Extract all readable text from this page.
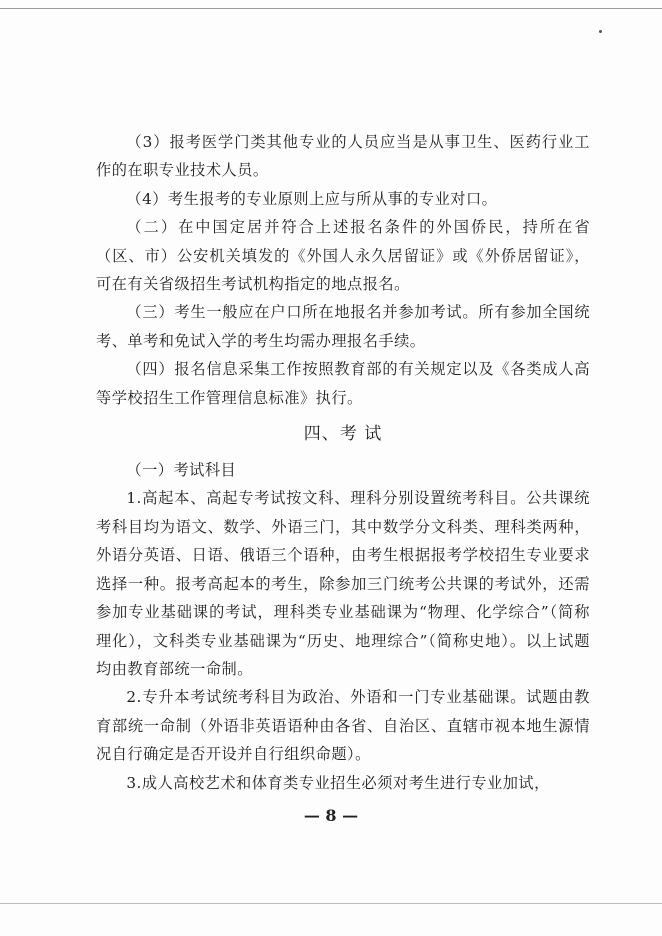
（3）报考医学门类其他专业的人员应当是从事卫生、医药行业工作的在职专业技术人员。

（4）考生报考的专业原则上应与所从事的专业对口。

（二）在中国定居并符合上述报名条件的外国侨民，持所在省（区、市）公安机关填发的《外国人永久居留证》或《外侨居留证》，可在有关省级招生考试机构指定的地点报名。

（三）考生一般应在户口所在地报名并参加考试。所有参加全国统考、单考和免试入学的考生均需办理报名手续。

（四）报名信息采集工作按照教育部的有关规定以及《各类成人高等学校招生工作管理信息标准》执行。

四、考 试

（一）考试科目

1.高起本、高起专考试按文科、理科分别设置统考科目。公共课统考科目均为语文、数学、外语三门，其中数学分文科类、理科类两种，外语分英语、日语、俄语三个语种，由考生根据报考学校招生专业要求选择一种。报考高起本的考生，除参加三门统考公共课的考试外，还需参加专业基础课的考试，理科类专业基础课为“物理、化学综合”（简称理化），文科类专业基础课为“历史、地理综合”（简称史地）。以上试题均由教育部统一命制。

2.专升本考试统考科目为政治、外语和一门专业基础课。试题由教育部统一命制（外语非英语语种由各省、自治区、直辖市视本地生源情况自行确定是否开设并自行组织命题）。

3.成人高校艺术和体育类专业招生必须对考生进行专业加试，

— 8 —
